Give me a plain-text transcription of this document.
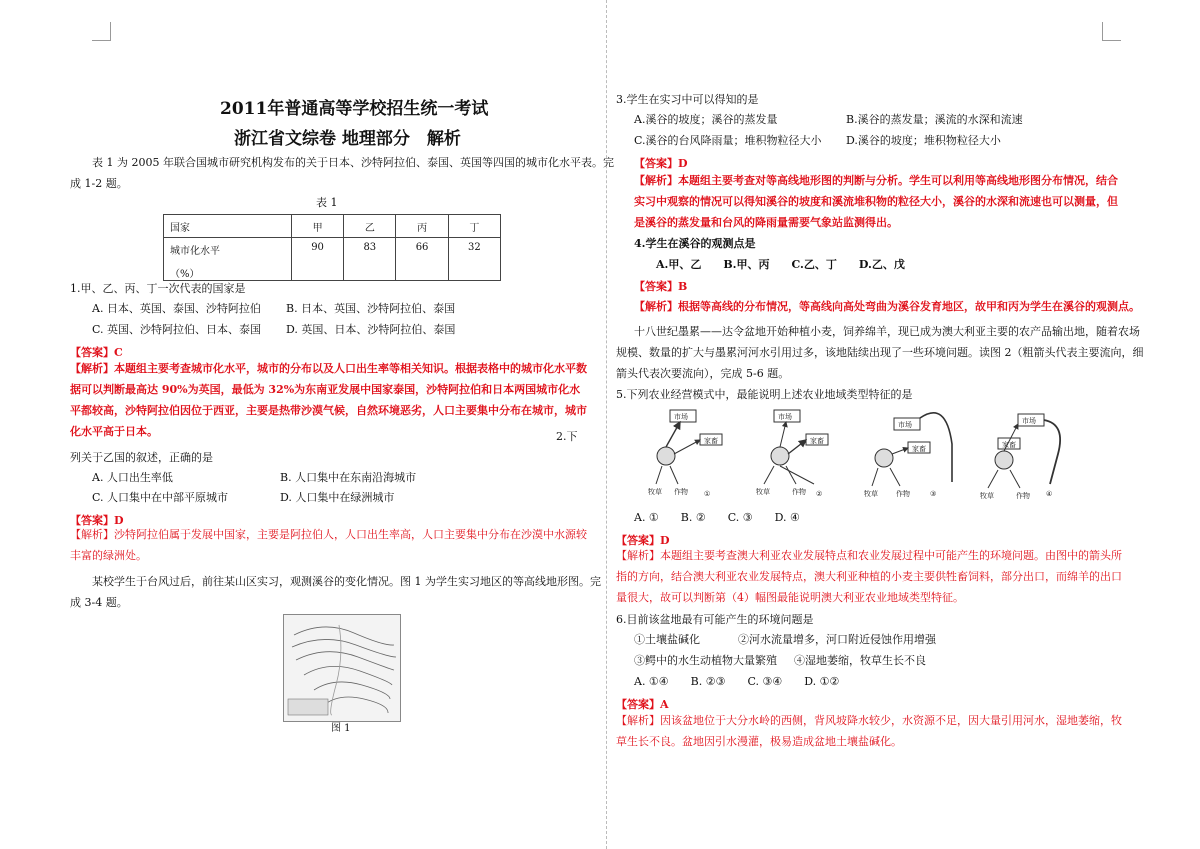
2011年普通高等学校招生统一考试
浙江省文综卷 地理部分　解析
表 1 为 2005 年联合国城市研究机构发布的关于日本、沙特阿拉伯、泰国、英国等四国的城市化水平表。完
成 1-2 题。
表 1
国家	甲	乙	丙	丁

城市化水平
（%）	90	83	66	32
1.甲、乙、丙、丁一次代表的国家是
A. 日本、英国、泰国、沙特阿拉伯 B. 日本、英国、沙特阿拉伯、泰国
C. 英国、沙特阿拉伯、日本、泰国 D. 英国、日本、沙特阿拉伯、泰国
【答案】C
【解析】本题组主要考查城市化水平，城市的分布以及人口出生率等相关知识。根据表格中的城市化水平数据可以判断最高达 90%为英国，最低为 32%为东南亚发展中国家泰国，沙特阿拉伯和日本两国城市化水平都较高，沙特阿拉伯因位于西亚，主要是热带沙漠气候，自然环境恶劣，人口主要集中分布在城市，城市化水平高于日本。	2.下
列关于乙国的叙述，正确的是
A. 人口出生率低	B. 人口集中在东南沿海城市
C. 人口集中在中部平原城市	D. 人口集中在绿洲城市
【答案】D
【解析】沙特阿拉伯属于发展中国家，主要是阿拉伯人，人口出生率高，人口主要集中分布在沙漠中水源较丰富的绿洲处。
某校学生于台风过后，前往某山区实习，观测溪谷的变化情况。图 1 为学生实习地区的等高线地形图。完
成 3-4 题。
图 1
3.学生在实习中可以得知的是
A.溪谷的坡度；溪谷的蒸发量	B.溪谷的蒸发量；溪流的水深和流速
C.溪谷的台风降雨量；堆积物粒径大小 D.溪谷的坡度；堆积物粒径大小
【答案】D
【解析】本题组主要考查对等高线地形图的判断与分析。学生可以利用等高线地形图分布情况，结合实习中观察的情况可以得知溪谷的坡度和溪流堆积物的粒径大小，溪谷的水深和流速也可以测量，但是溪谷的蒸发量和台风的降雨量需要气象站监测得出。
4.学生在溪谷的观测点是
A.甲、乙　　B.甲、丙　　C.乙、丁　　D.乙、戊
【答案】B
【解析】根据等高线的分布情况，等高线向高处弯曲为溪谷发育地区，故甲和丙为学生在溪谷的观测点。
十八世纪墨累——达令盆地开始种植小麦，饲养绵羊，现已成为澳大利亚主要的农产品输出地，随着农场
规模、数量的扩大与墨累河河水引用过多，该地陆续出现了一些环境问题。读图 2（粗箭头代表主要流向，细
箭头代表次要流向），完成 5-6 题。
5.下列农业经营模式中，最能说明上述农业地域类型特征的是
市场	市场
市场	市场
家畜	家畜
家畜	家畜
牧草 作物	牧草	作物	牧草	作物	牧草	作物
①	②	③	④
A. ①　　B. ②　　C. ③　　D. ④
【答案】D
【解析】本题组主要考查澳大利亚农业发展特点和农业发展过程中可能产生的环境问题。由图中的箭头所指的方向，结合澳大利亚农业发展特点，澳大利亚种植的小麦主要供牲畜饲料，部分出口，而绵羊的出口量很大，故可以判断第（4）幅图最能说明澳大利亚农业地域类型特征。
6.目前该盆地最有可能产生的环境问题是
①土壤盐碱化	②河水流量增多，河口附近侵蚀作用增强
③鳄中的水生动植物大量繁殖 ④湿地萎缩，牧草生长不良
A. ①④　　B. ②③　　C. ③④　　D. ①②
【答案】A
【解析】因该盆地位于大分水岭的西侧，背风坡降水较少，水资源不足，因大量引用河水，湿地萎缩，牧草生长不良。盆地因引水漫灌，极易造成盆地土壤盐碱化。
